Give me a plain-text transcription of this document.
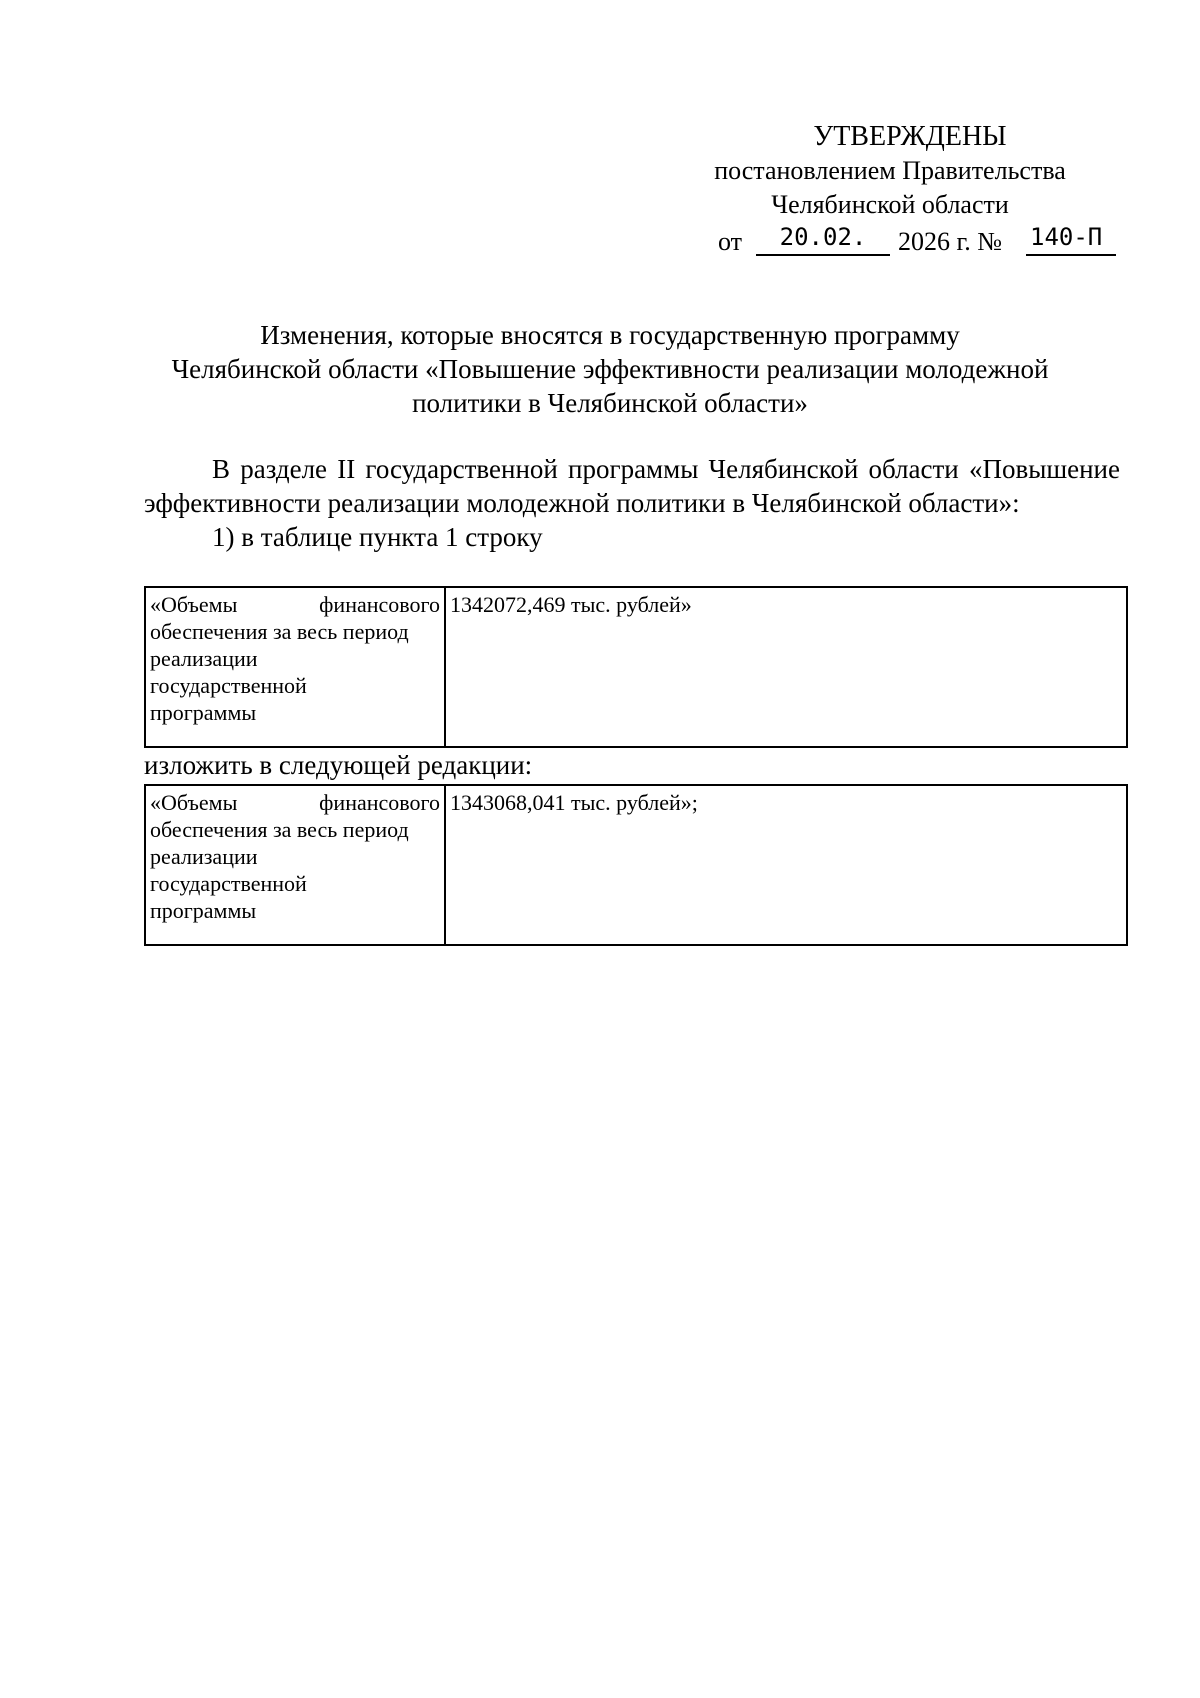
УТВЕРЖДЕНЫ
постановлением Правительства
Челябинской области
от	20.02.	2026 г. № 140-П
Изменения, которые вносятся в государственную программу
Челябинской области «Повышение эффективности реализации молодежной
политики в Челябинской области»
В разделе II государственной программы Челябинской области «Повышение эффективности реализации молодежной политики в Челябинской области»:
1) в таблице пункта 1 строку
«Объемы	финансового
обеспечения за весь период
реализации
государственной
программы
	1342072,469 тыс. рублей»
изложить в следующей редакции:
«Объемы	финансового
обеспечения за весь период
реализации
государственной
программы
	1343068,041 тыс. рублей»;
